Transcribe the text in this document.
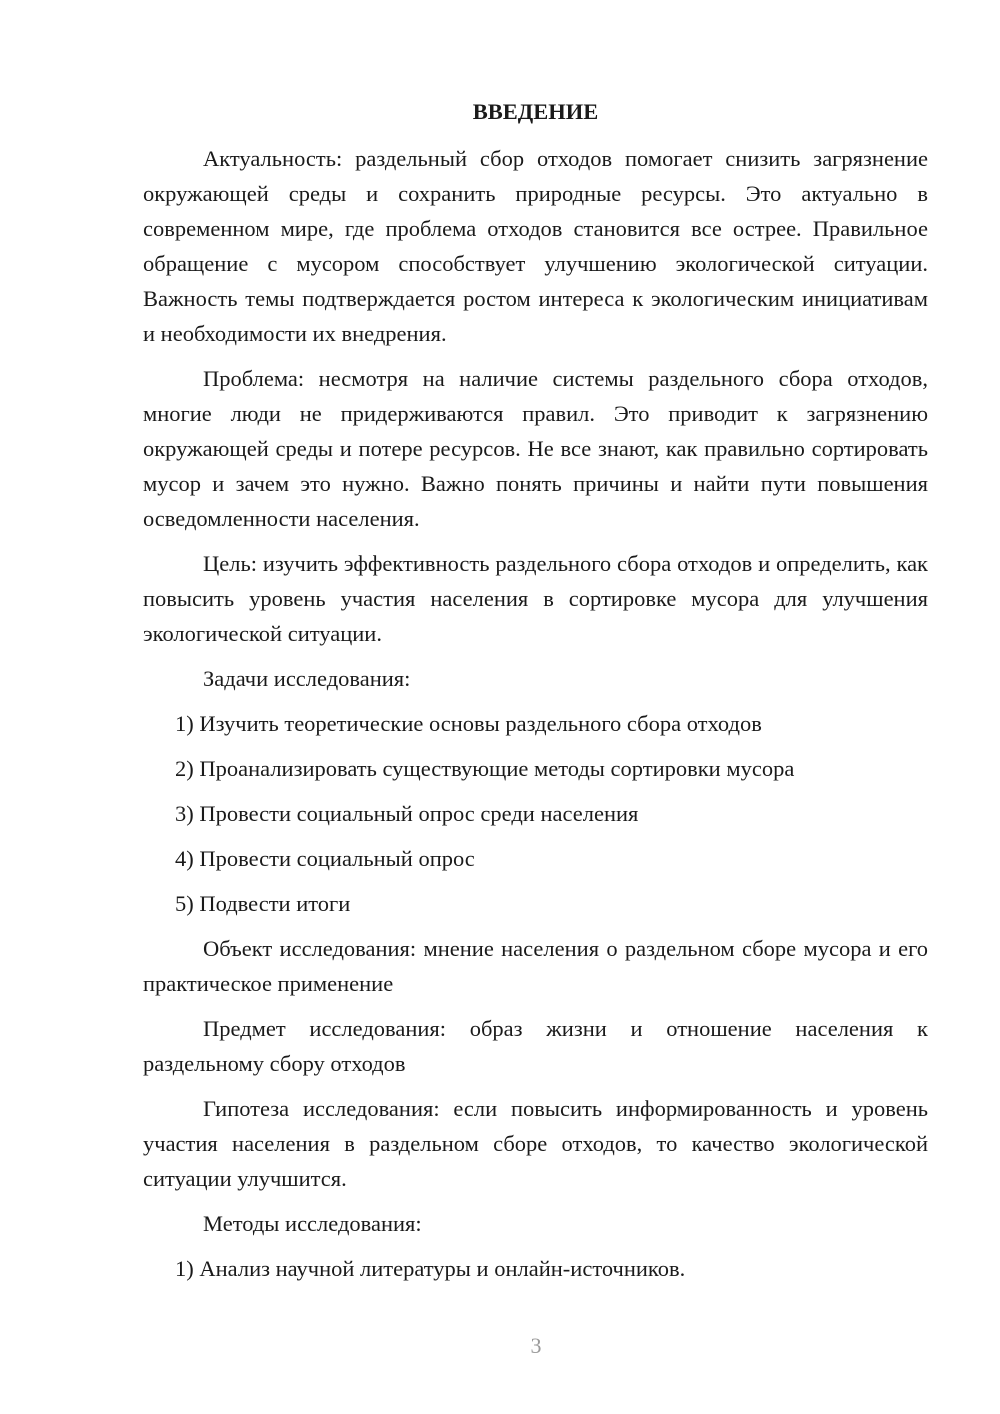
ВВЕДЕНИЕ

Актуальность: раздельный сбор отходов помогает снизить загрязнение окружающей среды и сохранить природные ресурсы. Это актуально в современном мире, где проблема отходов становится все острее. Правильное обращение с мусором способствует улучшению экологической ситуации. Важность темы подтверждается ростом интереса к экологическим инициативам и необходимости их внедрения.

Проблема: несмотря на наличие системы раздельного сбора отходов, многие люди не придерживаются правил. Это приводит к загрязнению окружающей среды и потере ресурсов. Не все знают, как правильно сортировать мусор и зачем это нужно. Важно понять причины и найти пути повышения осведомленности населения.

Цель: изучить эффективность раздельного сбора отходов и определить, как повысить уровень участия населения в сортировке мусора для улучшения экологической ситуации.

Задачи исследования:

1) Изучить теоретические основы раздельного сбора отходов
2) Проанализировать существующие методы сортировки мусора
3) Провести социальный опрос среди населения
4) Провести социальный опрос
5) Подвести итоги

Объект исследования: мнение населения о раздельном сборе мусора и его практическое применение

Предмет исследования: образ жизни и отношение населения к раздельному сбору отходов

Гипотеза исследования: если повысить информированность и уровень участия населения в раздельном сборе отходов, то качество экологической ситуации улучшится.

Методы исследования:

1) Анализ научной литературы и онлайн-источников.
3
